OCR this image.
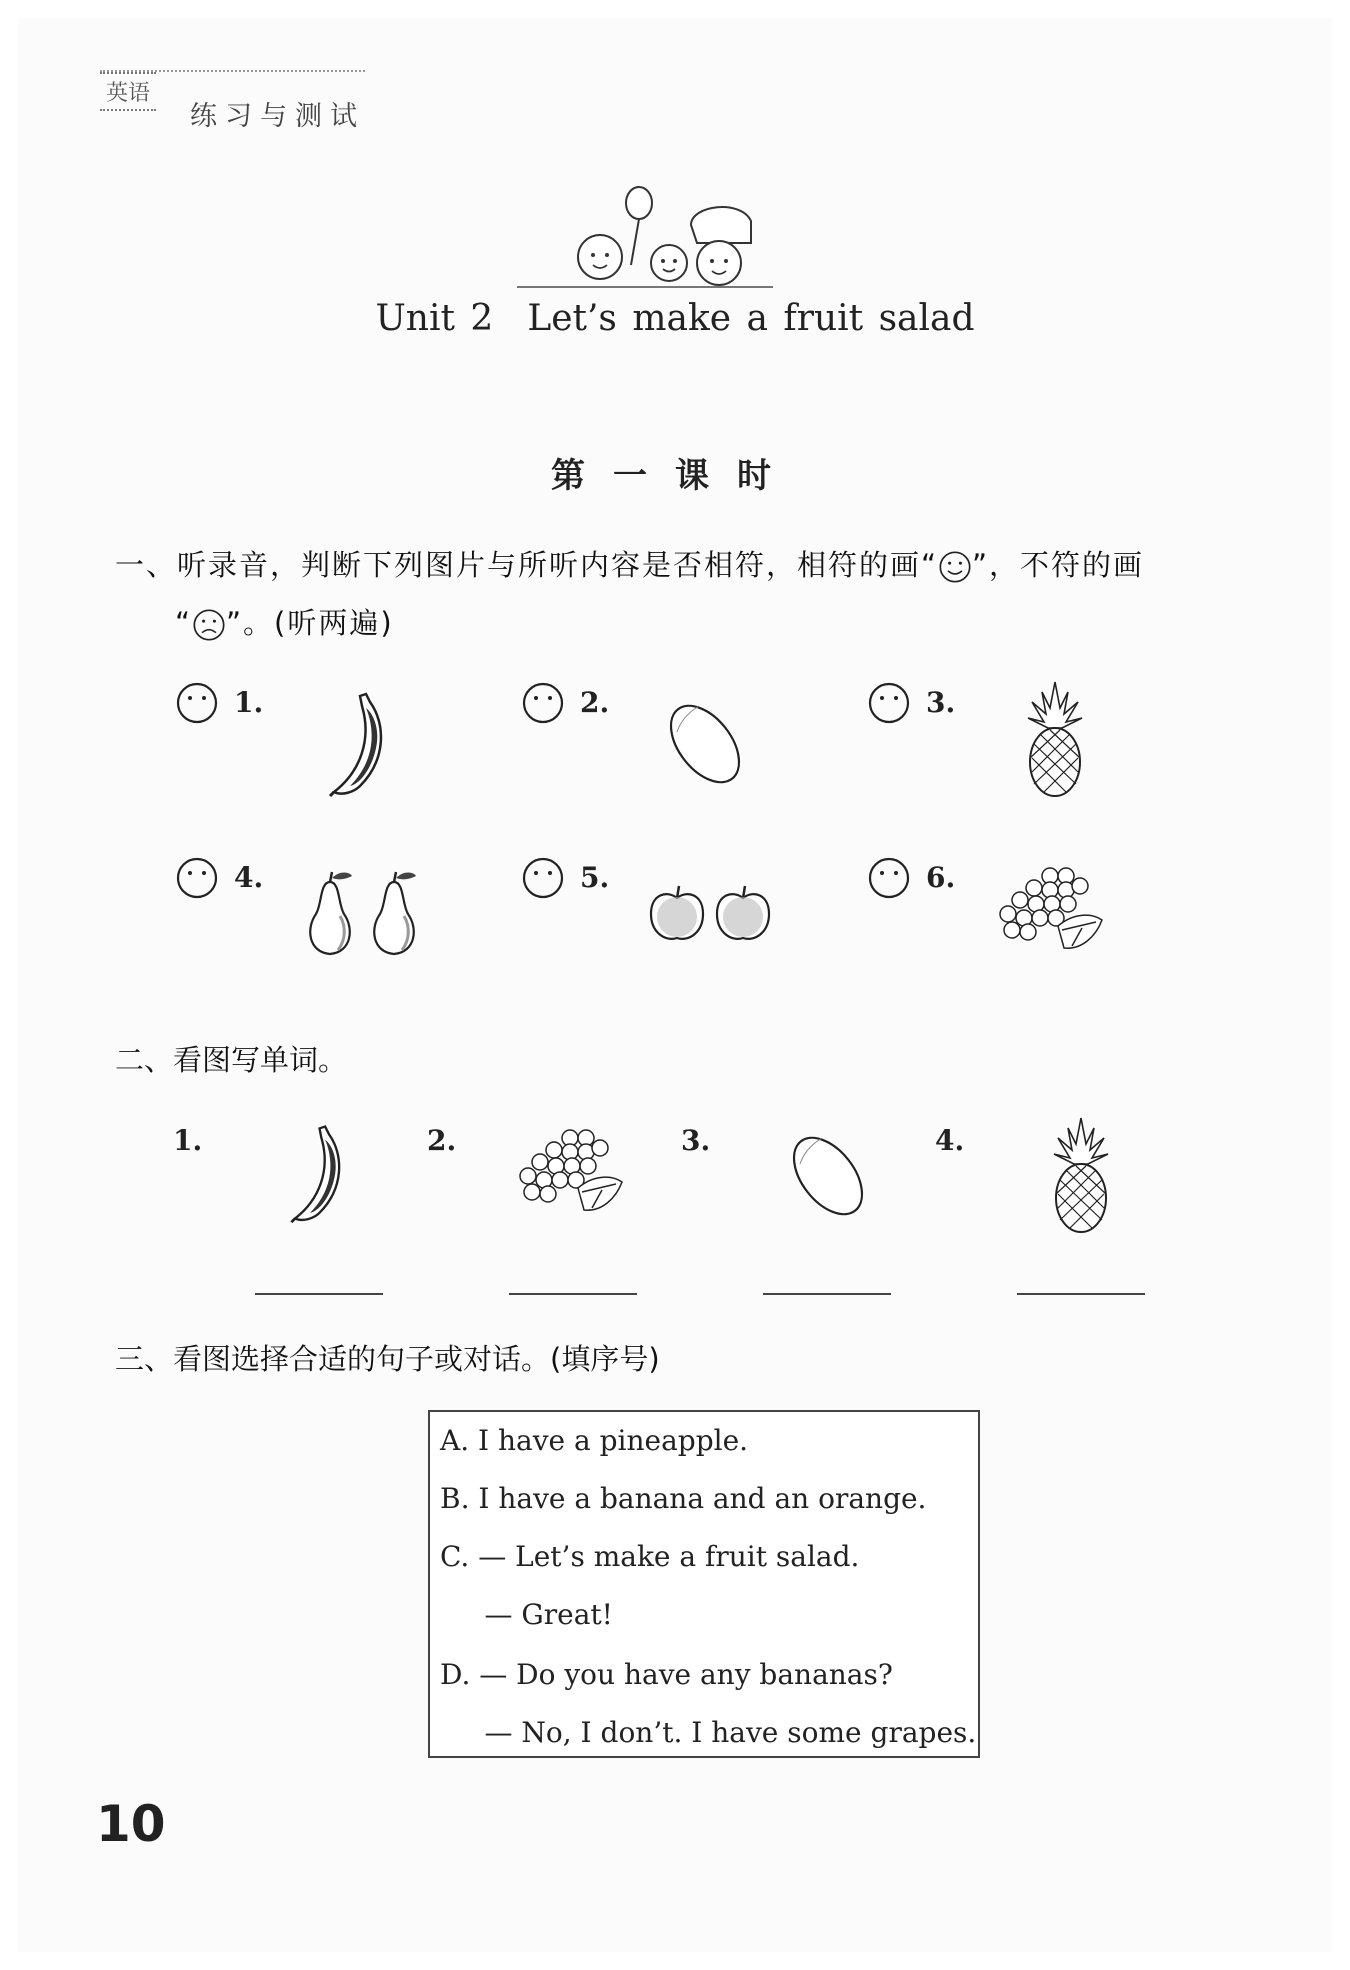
英语
练习与测试
Unit 2 Let’s make a fruit salad
第一课时
一、听录音，判断下列图片与所听内容是否相符，相符的画“ ”，不符的画
“ ”。(听两遍)
1.	2.	3.
4.	5.	6.
二、看图写单词。
1.	2.	3.	4.
三、看图选择合适的句子或对话。(填序号)
A. I have a pineapple.
B. I have a banana and an orange.
C. — Let’s make a fruit salad.
— Great!
D. — Do you have any bananas?
— No, I don’t. I have some grapes.
10
